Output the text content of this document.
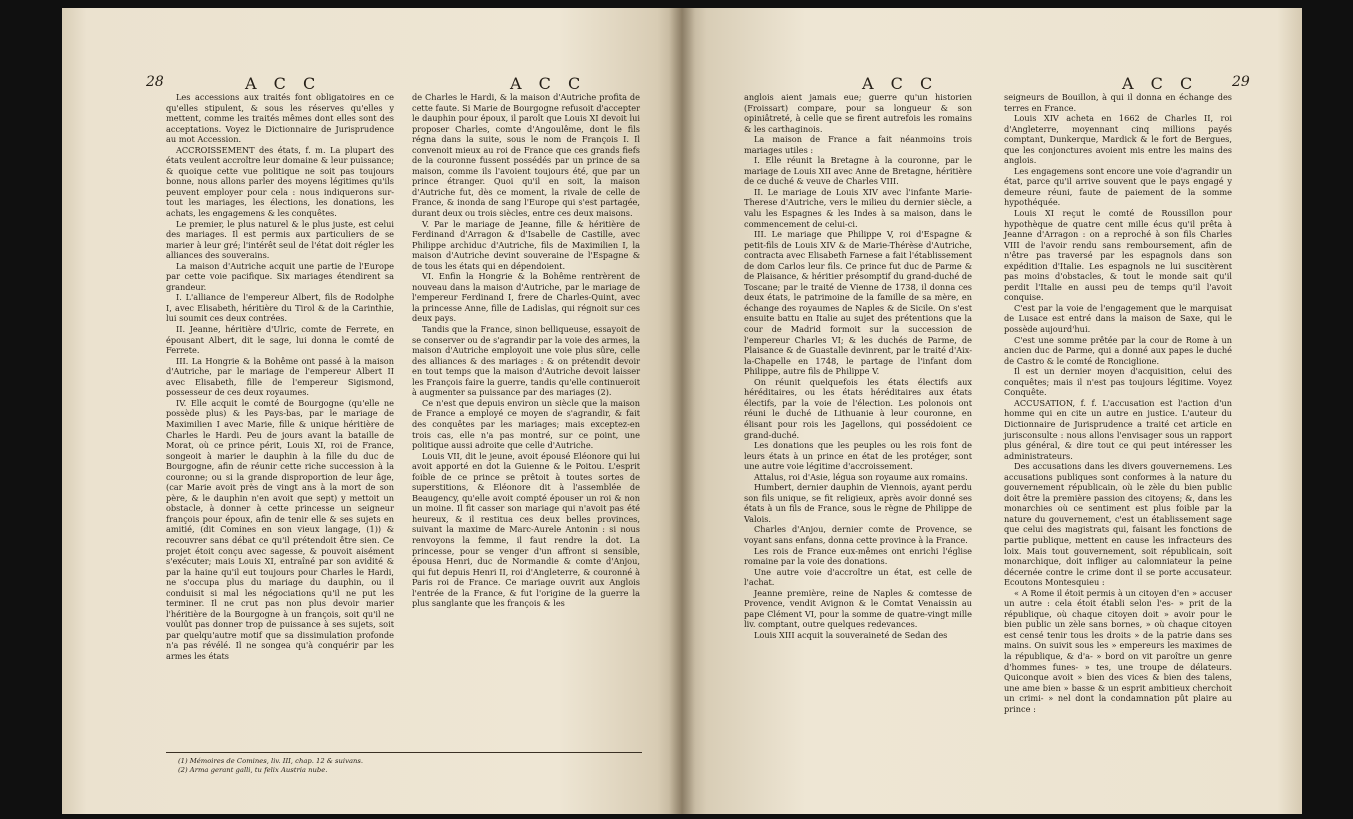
28	A C C	A C C

Les accessions aux traités font obligatoires en ce qu'elles stipulent, & sous les réserves qu'elles y mettent, comme les traités mêmes dont elles sont des acceptations. Voyez le Dictionnaire de Jurisprudence au mot Accession.

ACCROISSEMENT des états, f. m. La plupart des états veulent accroître leur domaine & leur puissance; & quoique cette vue politique ne soit pas toujours bonne, nous allons parler des moyens légitimes qu'ils peuvent employer pour cela : nous indiquerons sur-tout les mariages, les élections, les donations, les achats, les engagemens & les conquêtes.

Le premier, le plus naturel & le plus juste, est celui des mariages. Il est permis aux particuliers de se marier à leur gré; l'intérêt seul de l'état doit régler les alliances des souverains.

La maison d'Autriche acquit une partie de l'Europe par cette voie pacifique. Six mariages étendirent sa grandeur.

I. L'alliance de l'empereur Albert, fils de Rodolphe I, avec Elisabeth, héritière du Tirol & de la Carinthie, lui soumit ces deux contrées.

II. Jeanne, héritière d'Ulric, comte de Ferrete, en épousant Albert, dit le sage, lui donna le comté de Ferrete.

III. La Hongrie & la Bohême ont passé à la maison d'Autriche, par le mariage de l'empereur Albert II avec Elisabeth, fille de l'empereur Sigismond, possesseur de ces deux royaumes.

IV. Elle acquit le comté de Bourgogne (qu'elle ne possède plus) & les Pays-bas, par le mariage de Maximilien I avec Marie, fille & unique héritière de Charles le Hardi. Peu de jours avant la bataille de Morat, où ce prince périt, Louis XI, roi de France, songeoit à marier le dauphin à la fille du duc de Bourgogne, afin de réunir cette riche succession à la couronne; ou si la grande disproportion de leur âge, (car Marie avoit près de vingt ans à la mort de son père, & le dauphin n'en avoit que sept) y mettoit un obstacle, à donner à cette princesse un seigneur françois pour époux, afin de tenir elle & ses sujets en amitié, (dit Comines en son vieux langage, (1)) & recouvrer sans débat ce qu'il prétendoit être sien. Ce projet étoit conçu avec sagesse, & pouvoit aisément s'exécuter; mais Louis XI, entraîné par son avidité & par la haine qu'il eut toujours pour Charles le Hardi, ne s'occupa plus du mariage du dauphin, ou il conduisit si mal les négociations qu'il ne put les terminer. Il ne crut pas non plus devoir marier l'héritière de la Bourgogne à un françois, soit qu'il ne voulût pas donner trop de puissance à ses sujets, soit par quelqu'autre motif que sa dissimulation profonde n'a pas révélé. Il ne songea qu'à conquérir par les armes les états

de Charles le Hardi, & la maison d'Autriche profita de cette faute. Si Marie de Bourgogne refusoit d'accepter le dauphin pour époux, il paroît que Louis XI devoit lui proposer Charles, comte d'Angoulême, dont le fils régna dans la suite, sous le nom de François I. Il convenoit mieux au roi de France que ces grands fiefs de la couronne fussent possédés par un prince de sa maison, comme ils l'avoient toujours été, que par un prince étranger. Quoi qu'il en soit, la maison d'Autriche fut, dès ce moment, la rivale de celle de France, & inonda de sang l'Europe qui s'est partagée, durant deux ou trois siècles, entre ces deux maisons.

V. Par le mariage de Jeanne, fille & héritière de Ferdinand d'Arragon & d'Isabelle de Castille, avec Philippe archiduc d'Autriche, fils de Maximilien I, la maison d'Autriche devint souveraine de l'Espagne & de tous les états qui en dépendoient.

VI. Enfin la Hongrie & la Bohême rentrèrent de nouveau dans la maison d'Autriche, par le mariage de l'empereur Ferdinand I, frere de Charles-Quint, avec la princesse Anne, fille de Ladislas, qui régnoit sur ces deux pays.

Tandis que la France, sinon belliqueuse, essayoit de se conserver ou de s'agrandir par la voie des armes, la maison d'Autriche employoit une voie plus sûre, celle des alliances & des mariages : & on prétendit devoir en tout temps que la maison d'Autriche devoit laisser les François faire la guerre, tandis qu'elle continueroit à augmenter sa puissance par des mariages (2).

Ce n'est que depuis environ un siècle que la maison de France a employé ce moyen de s'agrandir, & fait des conquêtes par les mariages; mais exceptez-en trois cas, elle n'a pas montré, sur ce point, une politique aussi adroite que celle d'Autriche.

Louis VII, dit le jeune, avoit épousé Eléonore qui lui avoit apporté en dot la Guienne & le Poitou. L'esprit foible de ce prince se prêtoit à toutes sortes de superstitions, & Eléonore dit à l'assemblée de Beaugency, qu'elle avoit compté épouser un roi & non un moine. Il fit casser son mariage qui n'avoit pas été heureux, & il restitua ces deux belles provinces, suivant la maxime de Marc-Aurele Antonin : si nous renvoyons la femme, il faut rendre la dot. La princesse, pour se venger d'un affront si sensible, épousa Henri, duc de Normandie & comte d'Anjou, qui fut depuis Henri II, roi d'Angleterre, & couronné à Paris roi de France. Ce mariage ouvrit aux Anglois l'entrée de la France, & fut l'origine de la guerre la plus sanglante que les françois & les

(1) Mémoires de Comines, liv. III, chap. 12 & suivans.
(2) Arma gerant galli, tu felix Austria nube.
A C C	A C C 29

anglois aient jamais eue; guerre qu'un historien (Froissart) compare, pour sa longueur & son opiniâtreté, à celle que se firent autrefois les romains & les carthaginois.

La maison de France a fait néanmoins trois mariages utiles :

I. Elle réunit la Bretagne à la couronne, par le mariage de Louis XII avec Anne de Bretagne, héritière de ce duché & veuve de Charles VIII.

II. Le mariage de Louis XIV avec l'infante Marie-Therese d'Autriche, vers le milieu du dernier siècle, a valu les Espagnes & les Indes à sa maison, dans le commencement de celui-ci.

III. Le mariage que Philippe V, roi d'Espagne & petit-fils de Louis XIV & de Marie-Thérèse d'Autriche, contracta avec Elisabeth Farnese a fait l'établissement de dom Carlos leur fils. Ce prince fut duc de Parme & de Plaisance, & héritier présomptif du grand-duché de Toscane; par le traité de Vienne de 1738, il donna ces deux états, le patrimoine de la famille de sa mère, en échange des royaumes de Naples & de Sicile. On s'est ensuite battu en Italie au sujet des prétentions que la cour de Madrid formoit sur la succession de l'empereur Charles VI; & les duchés de Parme, de Plaisance & de Guastalle devinrent, par le traité d'Aix-la-Chapelle en 1748, le partage de l'infant dom Philippe, autre fils de Philippe V.

On réunit quelquefois les états électifs aux héréditaires, ou les états héréditaires aux états électifs, par la voie de l'élection. Les polonois ont réuni le duché de Lithuanie à leur couronne, en élisant pour rois les Jagellons, qui possédoient ce grand-duché.

Les donations que les peuples ou les rois font de leurs états à un prince en état de les protéger, sont une autre voie légitime d'accroissement.

Attalus, roi d'Asie, légua son royaume aux romains.

Humbert, dernier dauphin de Viennois, ayant perdu son fils unique, se fit religieux, après avoir donné ses états à un fils de France, sous le règne de Philippe de Valois.

Charles d'Anjou, dernier comte de Provence, se voyant sans enfans, donna cette province à la France.

Les rois de France eux-mêmes ont enrichi l'église romaine par la voie des donations.

Une autre voie d'accroître un état, est celle de l'achat.

Jeanne première, reine de Naples & comtesse de Provence, vendit Avignon & le Comtat Venaissin au pape Clément VI, pour la somme de quatre-vingt mille liv. comptant, outre quelques redevances.

Louis XIII acquit la souveraineté de Sedan des

seigneurs de Bouillon, à qui il donna en échange des terres en France.

Louis XIV acheta en 1662 de Charles II, roi d'Angleterre, moyennant cinq millions payés comptant, Dunkerque, Mardick & le fort de Bergues, que les conjonctures avoient mis entre les mains des anglois.

Les engagemens sont encore une voie d'agrandir un état, parce qu'il arrive souvent que le pays engagé y demeure réuni, faute de paiement de la somme hypothéquée.

Louis XI reçut le comté de Roussillon pour hypothèque de quatre cent mille écus qu'il prêta à Jeanne d'Arragon : on a reproché à son fils Charles VIII de l'avoir rendu sans remboursement, afin de n'être pas traversé par les espagnols dans son expédition d'Italie. Les espagnols ne lui suscitèrent pas moins d'obstacles, & tout le monde sait qu'il perdit l'Italie en aussi peu de temps qu'il l'avoit conquise.

C'est par la voie de l'engagement que le marquisat de Lusace est entré dans la maison de Saxe, qui le possède aujourd'hui.

C'est une somme prêtée par la cour de Rome à un ancien duc de Parme, qui a donné aux papes le duché de Castro & le comté de Ronciglione.

Il est un dernier moyen d'acquisition, celui des conquêtes; mais il n'est pas toujours légitime. Voyez Conquête.

ACCUSATION, f. f. L'accusation est l'action d'un homme qui en cite un autre en justice. L'auteur du Dictionnaire de Jurisprudence a traité cet article en jurisconsulte : nous allons l'envisager sous un rapport plus général, & dire tout ce qui peut intéresser les administrateurs.

Des accusations dans les divers gouvernemens. Les accusations publiques sont conformes à la nature du gouvernement républicain, où le zèle du bien public doit être la première passion des citoyens; &, dans les monarchies où ce sentiment est plus foible par la nature du gouvernement, c'est un établissement sage que celui des magistrats qui, faisant les fonctions de partie publique, mettent en cause les infracteurs des loix. Mais tout gouvernement, soit républicain, soit monarchique, doit infliger au calomniateur la peine décernée contre le crime dont il se porte accusateur. Ecoutons Montesquieu :

« A Rome il étoit permis à un citoyen d'en » accuser un autre : cela étoit établi selon l'es- » prit de la république, où chaque citoyen doit » avoir pour le bien public un zèle sans bornes, » où chaque citoyen est censé tenir tous les droits » de la patrie dans ses mains. On suivit sous les » empereurs les maximes de la république, & d'a- » bord on vit paroître un genre d'hommes funes- » tes, une troupe de délateurs. Quiconque avoit » bien des vices & bien des talens, une ame bien » basse & un esprit ambitieux cherchoit un crimi- » nel dont la condamnation pût plaire au prince :
